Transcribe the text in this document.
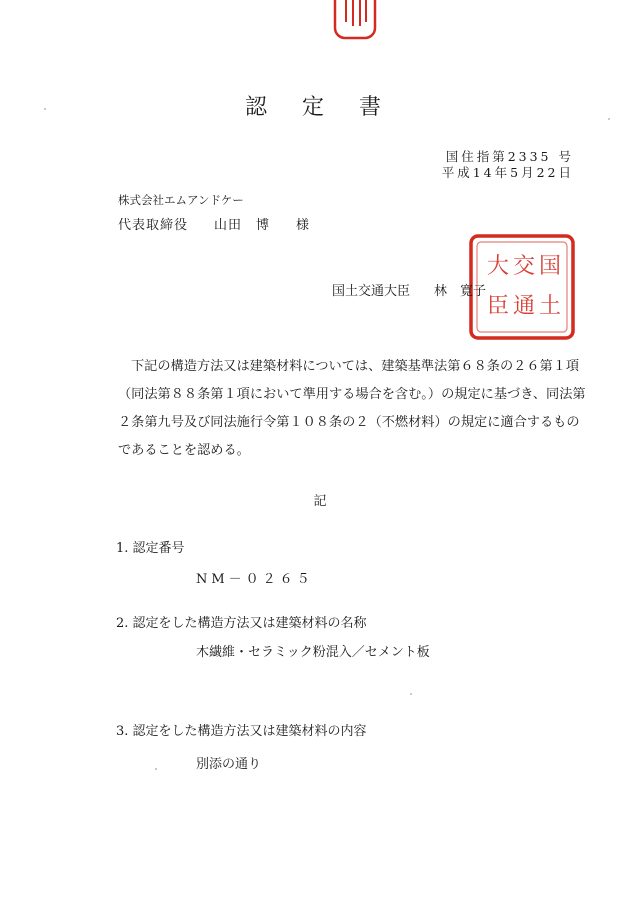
認 定 書
国住指第2335 号
平成14年5月22日
株式会社エムアンドケー
代表取締役 山田　博 様
国
土
交
通
大
臣
国土交通大臣 林　寛子

下記の構造方法又は建築材料については、建築基準法第６８条の２６第１項（同法第８８条第１項において準用する場合を含む。）の規定に基づき、同法第２条第九号及び同法施行令第１０８条の２（不燃材料）の規定に適合するものであることを認める。

記
1. 認定番号
NM－０２６５
2. 認定をした構造方法又は建築材料の名称
木繊維・セラミック粉混入／セメント板
3. 認定をした構造方法又は建築材料の内容
別添の通り
